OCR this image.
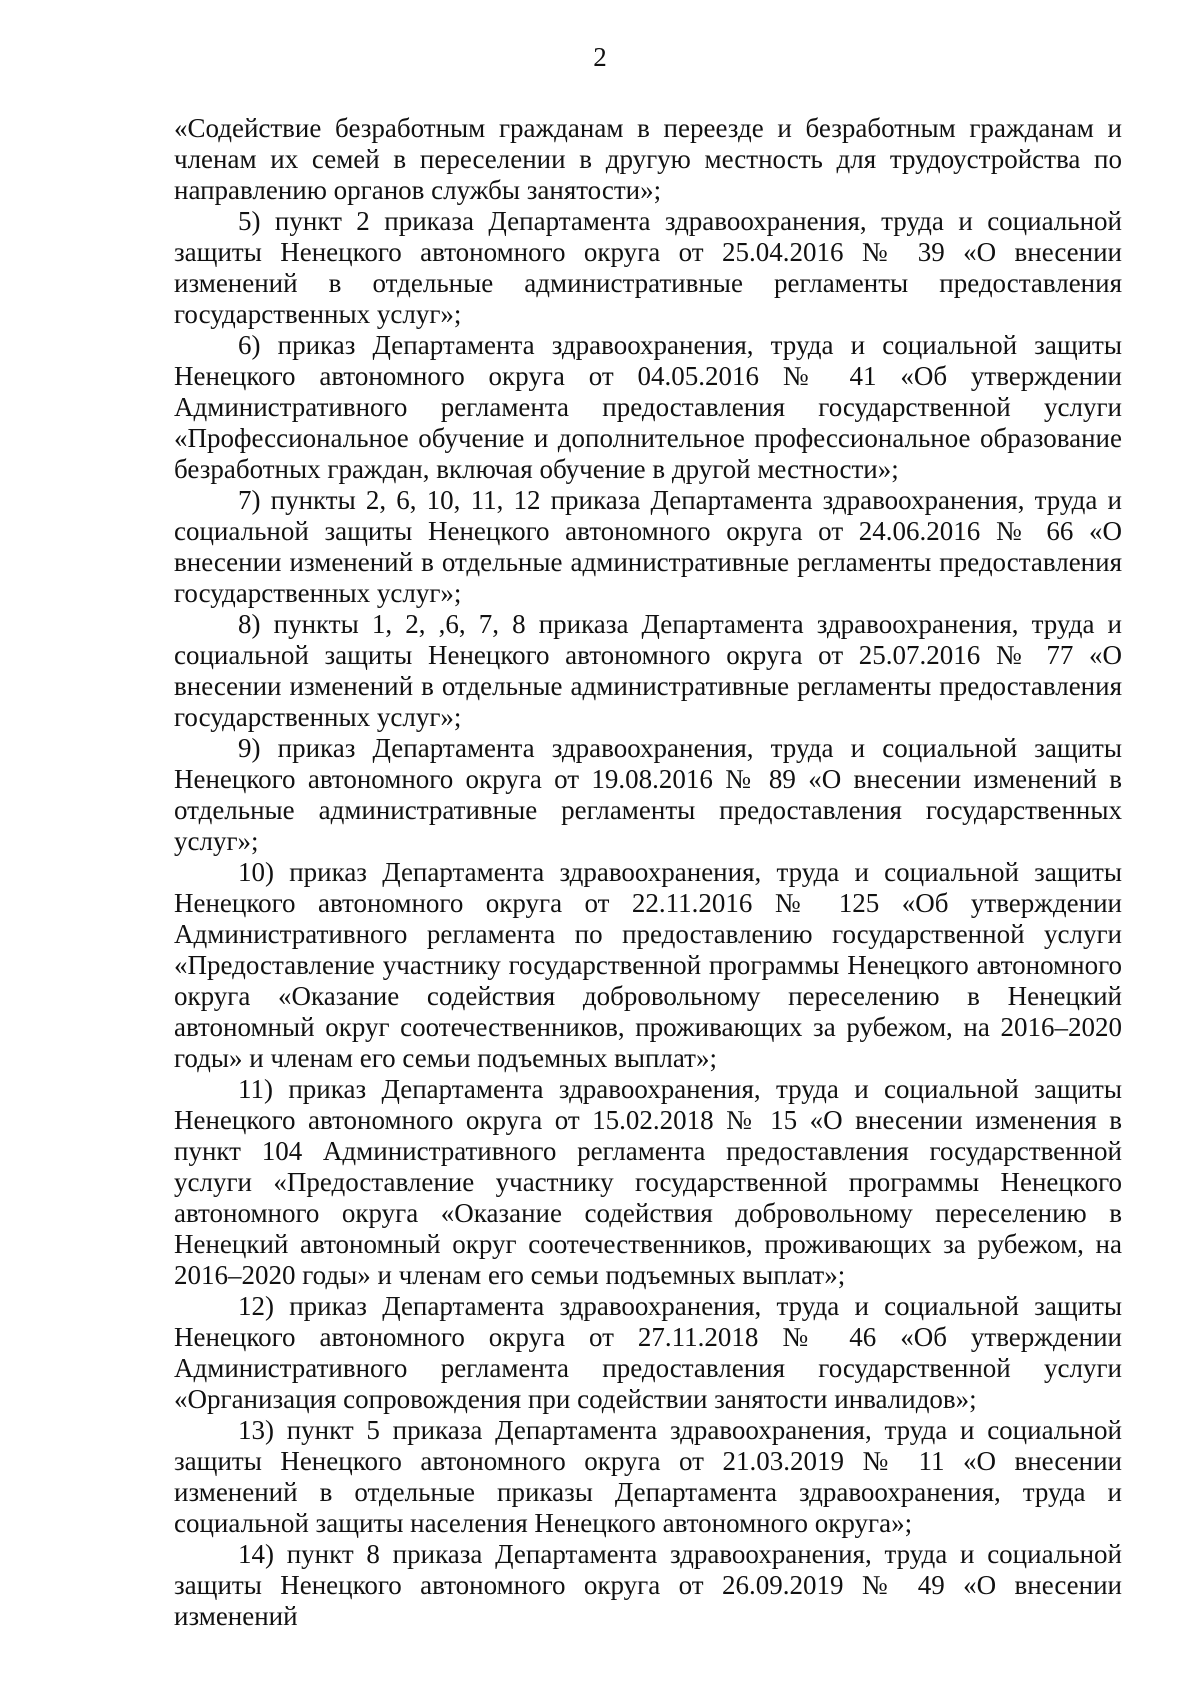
2

«Содействие безработным гражданам в переезде и безработным гражданам и членам их семей в переселении в другую местность для трудоустройства по направлению органов службы занятости»;

5) пункт 2 приказа Департамента здравоохранения, труда и социальной защиты Ненецкого автономного округа от 25.04.2016 № 39 «О внесении изменений в отдельные административные регламенты предоставления государственных услуг»;

6) приказ Департамента здравоохранения, труда и социальной защиты Ненецкого автономного округа от 04.05.2016 № 41 «Об утверждении Административного регламента предоставления государственной услуги «Профессиональное обучение и дополнительное профессиональное образование безработных граждан, включая обучение в другой местности»;

7) пункты 2, 6, 10, 11, 12 приказа Департамента здравоохранения, труда и социальной защиты Ненецкого автономного округа от 24.06.2016 № 66 «О внесении изменений в отдельные административные регламенты предоставления государственных услуг»;

8) пункты 1, 2, ,6, 7, 8 приказа Департамента здравоохранения, труда и социальной защиты Ненецкого автономного округа от 25.07.2016 № 77 «О внесении изменений в отдельные административные регламенты предоставления государственных услуг»;

9) приказ Департамента здравоохранения, труда и социальной защиты Ненецкого автономного округа от 19.08.2016 № 89 «О внесении изменений в отдельные административные регламенты предоставления государственных услуг»;

10) приказ Департамента здравоохранения, труда и социальной защиты Ненецкого автономного округа от 22.11.2016 № 125 «Об утверждении Административного регламента по предоставлению государственной услуги «Предоставление участнику государственной программы Ненецкого автономного округа «Оказание содействия добровольному переселению в Ненецкий автономный округ соотечественников, проживающих за рубежом, на 2016–2020 годы» и членам его семьи подъемных выплат»;

11) приказ Департамента здравоохранения, труда и социальной защиты Ненецкого автономного округа от 15.02.2018 № 15 «О внесении изменения в пункт 104 Административного регламента предоставления государственной услуги «Предоставление участнику государственной программы Ненецкого автономного округа «Оказание содействия добровольному переселению в Ненецкий автономный округ соотечественников, проживающих за рубежом, на 2016–2020 годы» и членам его семьи подъемных выплат»;

12) приказ Департамента здравоохранения, труда и социальной защиты Ненецкого автономного округа от 27.11.2018 № 46 «Об утверждении Административного регламента предоставления государственной услуги «Организация сопровождения при содействии занятости инвалидов»;

13) пункт 5 приказа Департамента здравоохранения, труда и социальной защиты Ненецкого автономного округа от 21.03.2019 № 11 «О внесении изменений в отдельные приказы Департамента здравоохранения, труда и социальной защиты населения Ненецкого автономного округа»;

14) пункт 8 приказа Департамента здравоохранения, труда и социальной защиты Ненецкого автономного округа от 26.09.2019 № 49 «О внесении изменений
